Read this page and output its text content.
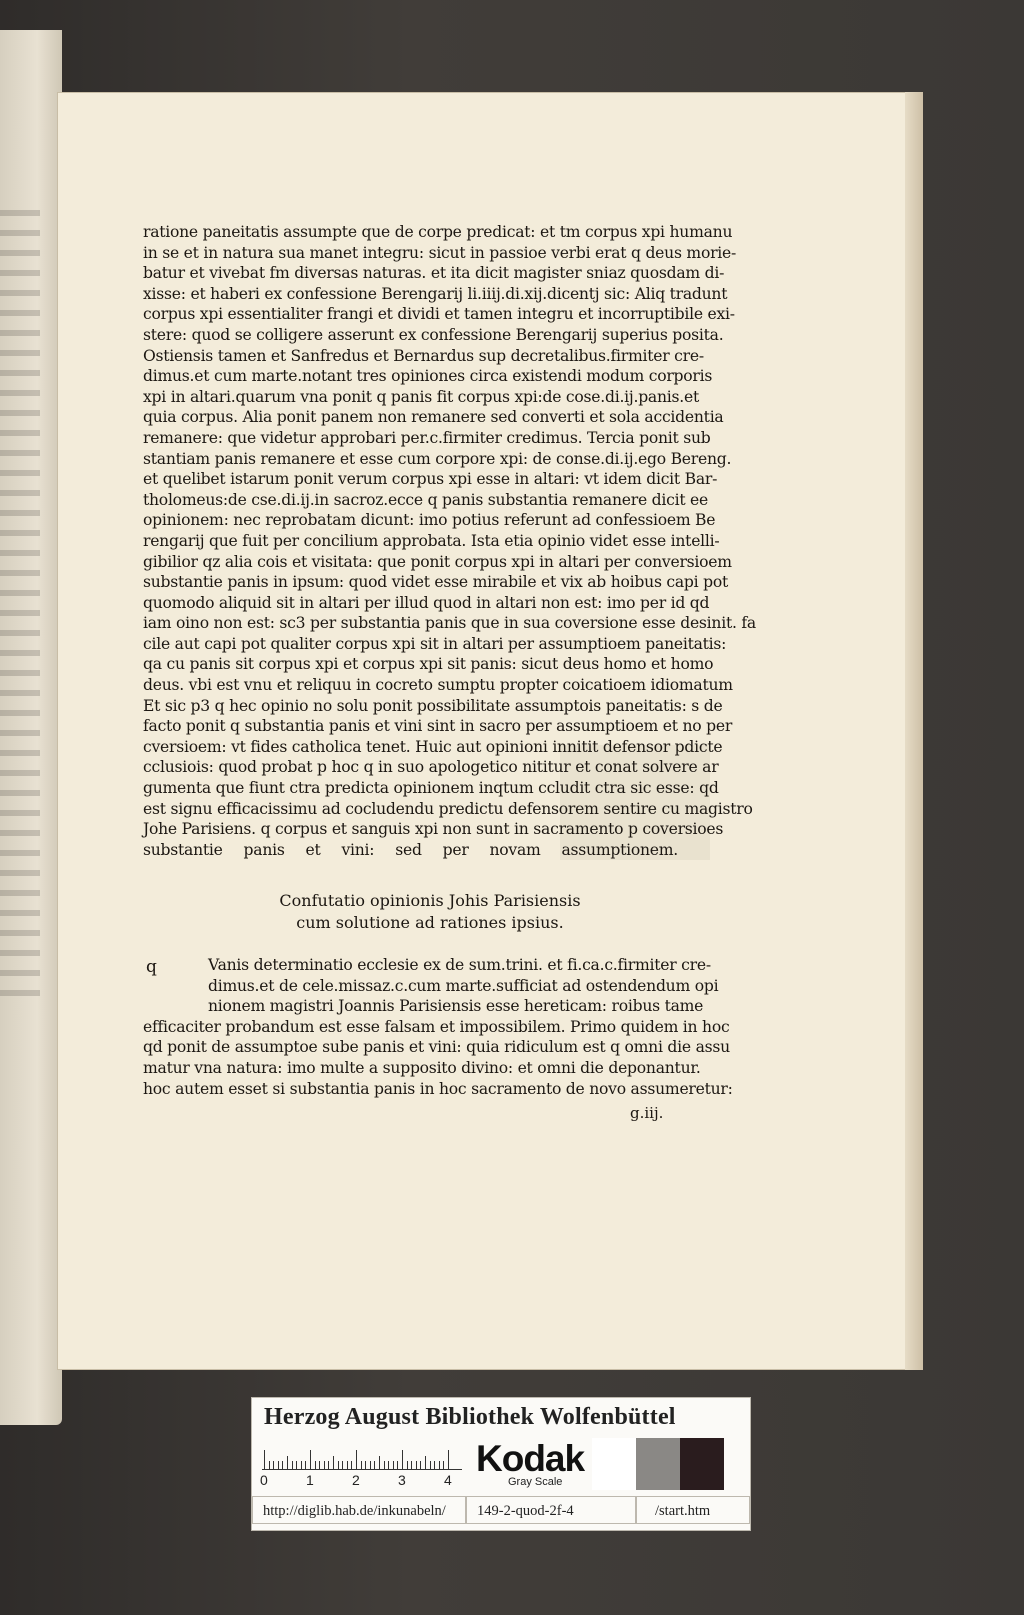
ratione paneitatis assumpte que de corpe predicat: et tm corpus xpi humanu
in se et in natura sua manet integru: sicut in passioe verbi erat q deus morie-
batur et vivebat fm diversas naturas. et ita dicit magister sniaz quosdam di-
xisse: et haberi ex confessione Berengarij li.iiij.di.xij.dicentj sic: Aliq tradunt
corpus xpi essentialiter frangi et dividi et tamen integru et incorruptibile exi-
stere: quod se colligere asserunt ex confessione Berengarij superius posita.
Ostiensis tamen et Sanfredus et Bernardus sup decretalibus.firmiter cre-
dimus.et cum marte.notant tres opiniones circa existendi modum corporis
xpi in altari.quarum vna ponit q panis fit corpus xpi:de cose.di.ij.panis.et
quia corpus. Alia ponit panem non remanere sed converti et sola accidentia
remanere: que videtur approbari per.c.firmiter credimus. Tercia ponit sub
stantiam panis remanere et esse cum corpore xpi: de conse.di.ij.ego Bereng.
et quelibet istarum ponit verum corpus xpi esse in altari: vt idem dicit Bar-
tholomeus:de cse.di.ij.in sacroz.ecce q panis substantia remanere dicit ee
opinionem: nec reprobatam dicunt: imo potius referunt ad confessioem Be
rengarij que fuit per concilium approbata. Ista etia opinio videt esse intelli-
gibilior qz alia cois et visitata: que ponit corpus xpi in altari per conversioem
substantie panis in ipsum: quod videt esse mirabile et vix ab hoibus capi pot
quomodo aliquid sit in altari per illud quod in altari non est: imo per id qd
iam oino non est: sc3 per substantia panis que in sua coversione esse desinit. fa
cile aut capi pot qualiter corpus xpi sit in altari per assumptioem paneitatis:
qa cu panis sit corpus xpi et corpus xpi sit panis: sicut deus homo et homo
deus. vbi est vnu et reliquu in cocreto sumptu propter coicatioem idiomatum
Et sic p3 q hec opinio no solu ponit possibilitate assumptois paneitatis: s de
facto ponit q substantia panis et vini sint in sacro per assumptioem et no per
cversioem: vt fides catholica tenet. Huic aut opinioni innitit defensor pdicte
cclusiois: quod probat p hoc q in suo apologetico nititur et conat solvere ar
gumenta que fiunt ctra predicta opinionem inqtum ccludit ctra sic esse: qd
est signu efficacissimu ad cocludendu predictu defensorem sentire cu magistro
Johe Parisiens. q corpus et sanguis xpi non sunt in sacramento p coversioes
substantie panis et vini: sed per novam assumptionem.
Confutatio opinionis Johis Parisiensis
cum solutione ad rationes ipsius.
q	Vanis determinatio ecclesie ex de sum.trini. et fi.ca.c.firmiter cre-
dimus.et de cele.missaz.c.cum marte.sufficiat ad ostendendum opi
nionem magistri Joannis Parisiensis esse hereticam: roibus tame
efficaciter probandum est esse falsam et impossibilem. Primo quidem in hoc
qd ponit de assumptoe sube panis et vini: quia ridiculum est q omni die assu
matur vna natura: imo multe a supposito divino: et omni die deponantur.
hoc autem esset si substantia panis in hoc sacramento de novo assumeretur:
g.iij.
Herzog August Bibliothek Wolfenbüttel
0	1	2	3	4
Kodak
Gray Scale
http://diglib.hab.de/inkunabeln/	149-2-quod-2f-4	/start.htm
